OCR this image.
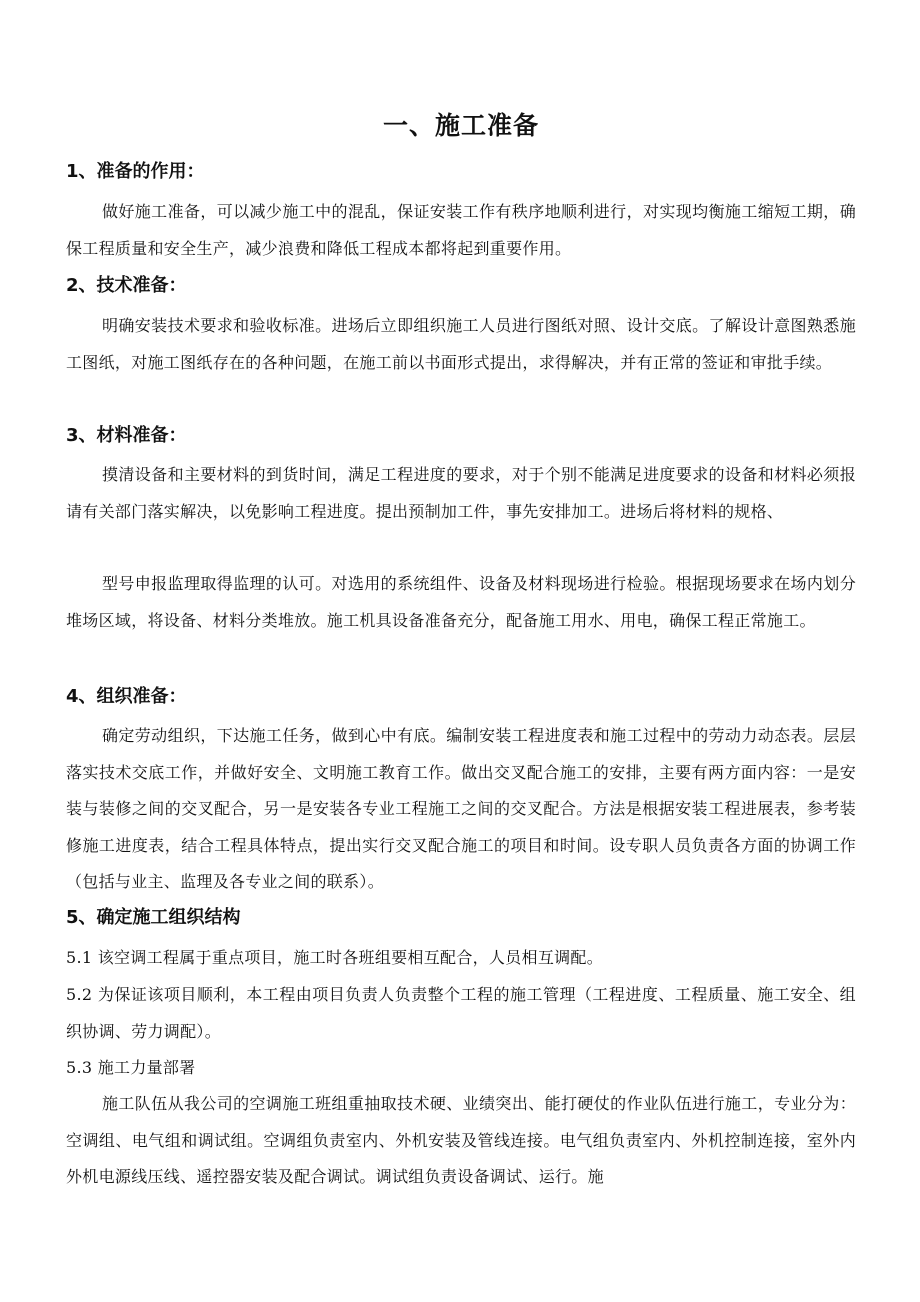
一、施工准备
1、准备的作用：
做好施工准备，可以减少施工中的混乱，保证安装工作有秩序地顺利进行，对实现均衡施工缩短工期，确保工程质量和安全生产，减少浪费和降低工程成本都将起到重要作用。
2、技术准备：
明确安装技术要求和验收标准。进场后立即组织施工人员进行图纸对照、设计交底。了解设计意图熟悉施工图纸，对施工图纸存在的各种问题，在施工前以书面形式提出，求得解决，并有正常的签证和审批手续。
3、材料准备：
摸清设备和主要材料的到货时间，满足工程进度的要求，对于个别不能满足进度要求的设备和材料必须报请有关部门落实解决，以免影响工程进度。提出预制加工件，事先安排加工。进场后将材料的规格、
型号申报监理取得监理的认可。对选用的系统组件、设备及材料现场进行检验。根据现场要求在场内划分堆场区域，将设备、材料分类堆放。施工机具设备准备充分，配备施工用水、用电，确保工程正常施工。
4、组织准备：
确定劳动组织，下达施工任务，做到心中有底。编制安装工程进度表和施工过程中的劳动力动态表。层层落实技术交底工作，并做好安全、文明施工教育工作。做出交叉配合施工的安排，主要有两方面内容：一是安装与装修之间的交叉配合，另一是安装各专业工程施工之间的交叉配合。方法是根据安装工程进展表，参考装修施工进度表，结合工程具体特点，提出实行交叉配合施工的项目和时间。设专职人员负责各方面的协调工作（包括与业主、监理及各专业之间的联系）。
5、确定施工组织结构
5.1 该空调工程属于重点项目，施工时各班组要相互配合，人员相互调配。
5.2 为保证该项目顺利，本工程由项目负责人负责整个工程的施工管理（工程进度、工程质量、施工安全、组织协调、劳力调配）。
5.3 施工力量部署
施工队伍从我公司的空调施工班组重抽取技术硬、业绩突出、能打硬仗的作业队伍进行施工，专业分为：空调组、电气组和调试组。空调组负责室内、外机安装及管线连接。电气组负责室内、外机控制连接，室外内外机电源线压线、遥控器安装及配合调试。调试组负责设备调试、运行。施
